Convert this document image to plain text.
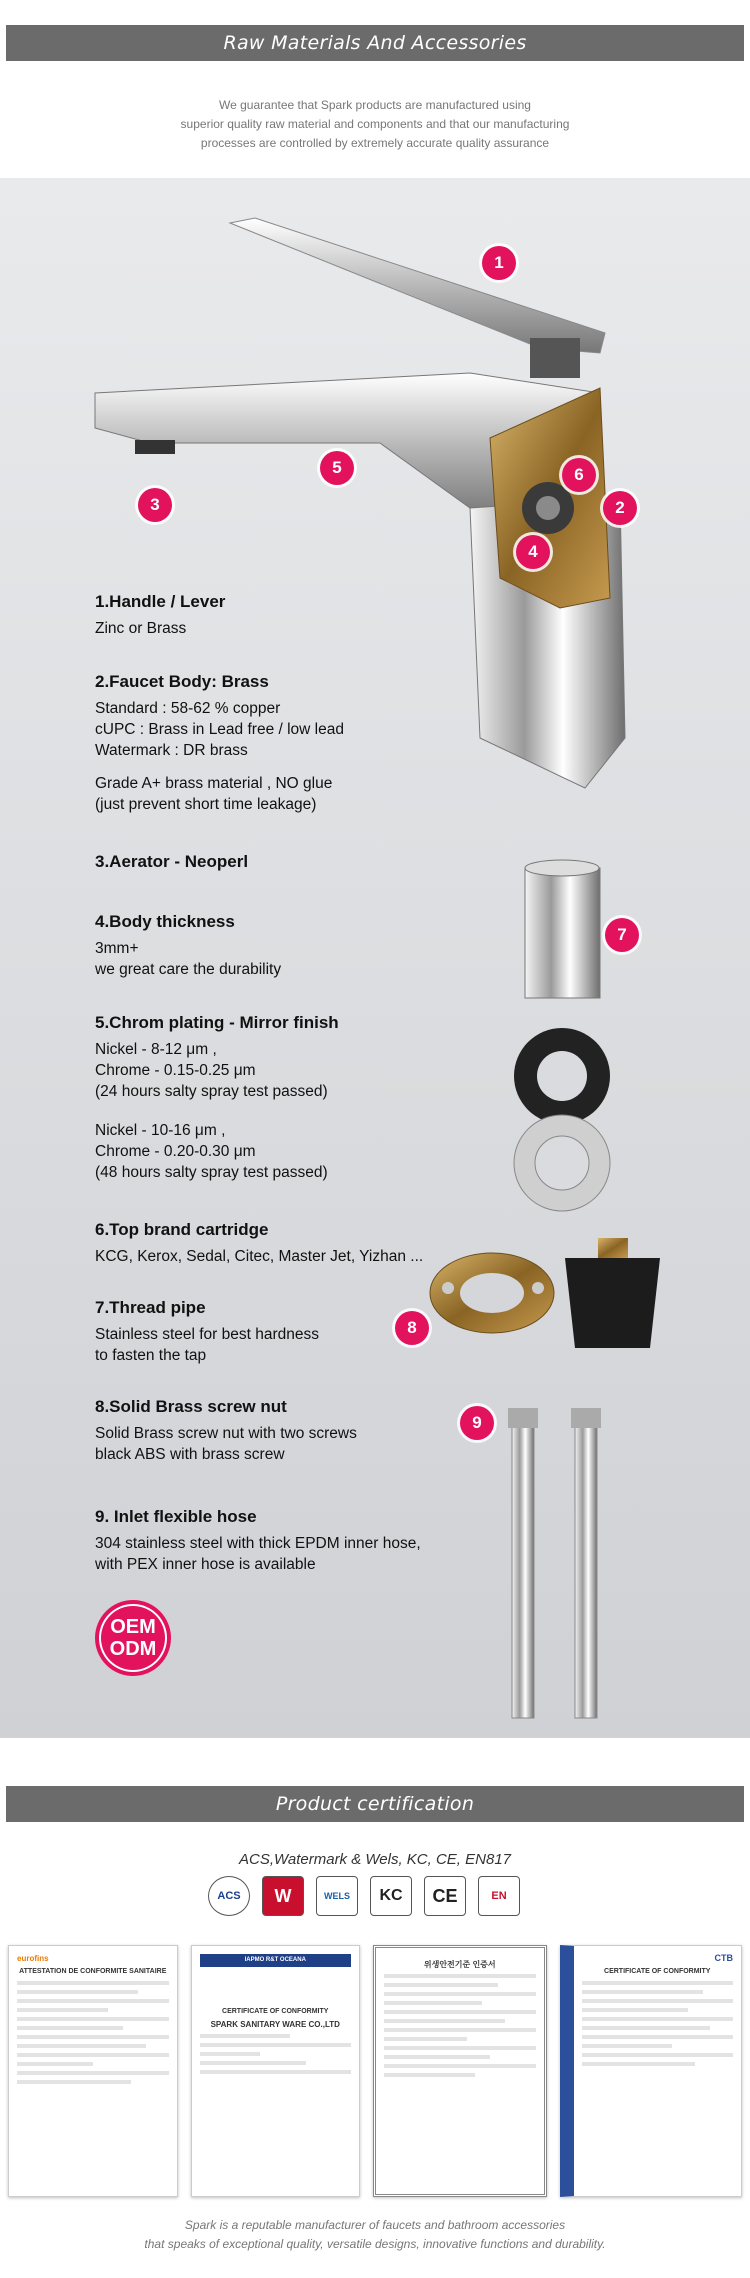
Raw Materials And Accessories
We guarantee that Spark products are manufactured using
superior quality raw material and components and that our manufacturing
processes are controlled by extremely accurate quality assurance
1
2
3
4
5	6
7
8
9
1.Handle / Lever

Zinc or Brass

2.Faucet Body: Brass

Standard : 58-62 % copper

cUPC : Brass in Lead free / low lead

Watermark : DR brass

Grade A+ brass material , NO glue

(just prevent short time leakage)

3.Aerator - Neoperl
4.Body thickness

3mm+

we great care the durability

5.Chrom plating - Mirror finish

Nickel - 8-12 μm ,

Chrome - 0.15-0.25 μm

(24 hours salty spray test passed)

Nickel - 10-16 μm ,

Chrome - 0.20-0.30 μm

(48 hours salty spray test passed)

6.Top brand cartridge

KCG, Kerox, Sedal, Citec, Master Jet, Yizhan ...

7.Thread pipe

Stainless steel for best hardness

to fasten the tap

8.Solid Brass screw nut

Solid Brass screw nut with two screws

black ABS with brass screw

9. Inlet flexible hose

304 stainless steel with thick EPDM inner hose,

with PEX inner hose is available

OEM
ODM
Product certification
ACS,Watermark & Wels, KC, CE, EN817
ACS	W	WELS	KC	CE	EN
eurofins
ATTESTATION DE CONFORMITE SANITAIRE
IAPMO R&T OCEANA
CERTIFICATE OF CONFORMITY
SPARK SANITARY WARE CO.,LTD
위생안전기준 인증서
CTB
CERTIFICATE OF CONFORMITY
Spark is a reputable manufacturer of faucets and bathroom accessories
that speaks of exceptional quality, versatile designs, innovative functions and durability.
